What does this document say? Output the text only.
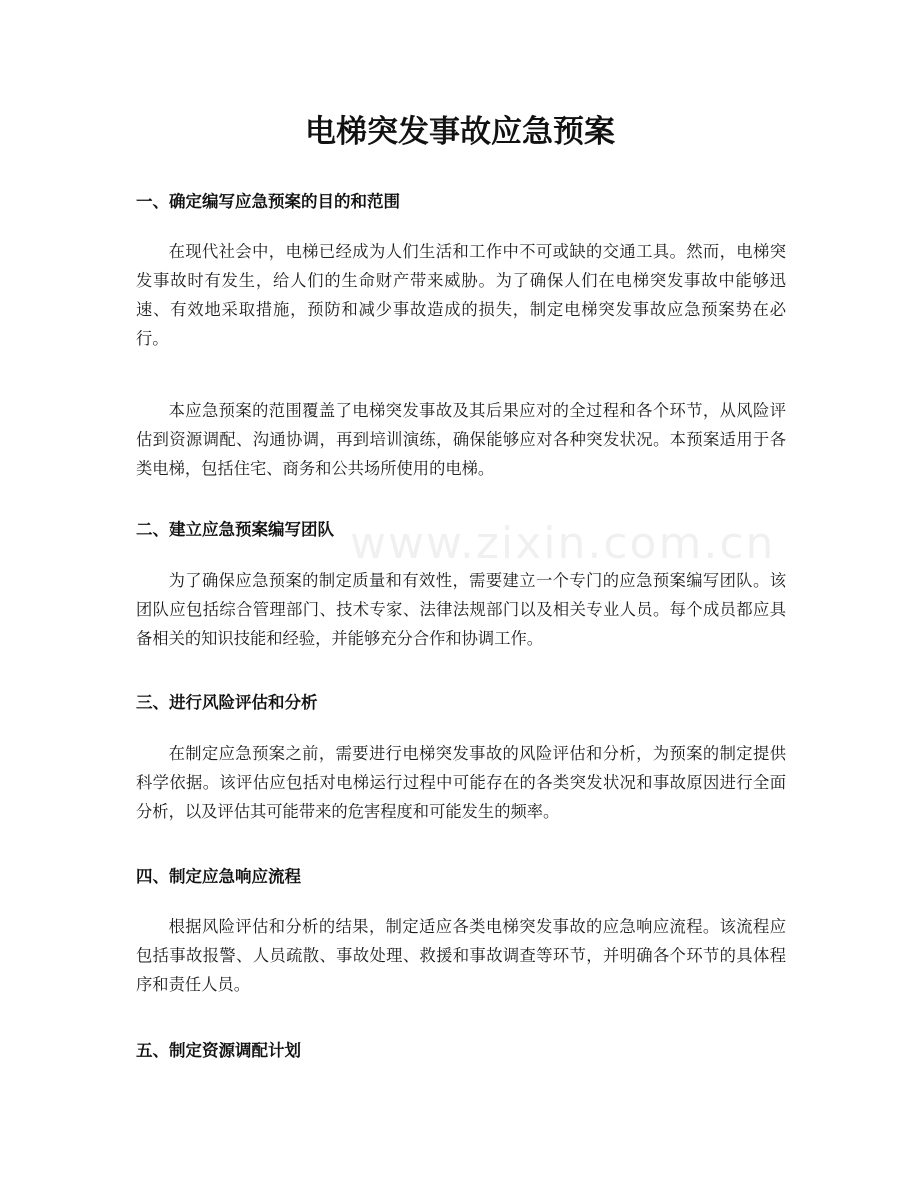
www.zixin.com.cn
电梯突发事故应急预案
一、确定编写应急预案的目的和范围

在现代社会中，电梯已经成为人们生活和工作中不可或缺的交通工具。然而，电梯突发事故时有发生，给人们的生命财产带来威胁。为了确保人们在电梯突发事故中能够迅速、有效地采取措施，预防和减少事故造成的损失，制定电梯突发事故应急预案势在必行。

本应急预案的范围覆盖了电梯突发事故及其后果应对的全过程和各个环节，从风险评估到资源调配、沟通协调，再到培训演练，确保能够应对各种突发状况。本预案适用于各类电梯，包括住宅、商务和公共场所使用的电梯。

二、建立应急预案编写团队

为了确保应急预案的制定质量和有效性，需要建立一个专门的应急预案编写团队。该团队应包括综合管理部门、技术专家、法律法规部门以及相关专业人员。每个成员都应具备相关的知识技能和经验，并能够充分合作和协调工作。

三、进行风险评估和分析

在制定应急预案之前，需要进行电梯突发事故的风险评估和分析，为预案的制定提供科学依据。该评估应包括对电梯运行过程中可能存在的各类突发状况和事故原因进行全面分析，以及评估其可能带来的危害程度和可能发生的频率。

四、制定应急响应流程

根据风险评估和分析的结果，制定适应各类电梯突发事故的应急响应流程。该流程应包括事故报警、人员疏散、事故处理、救援和事故调查等环节，并明确各个环节的具体程序和责任人员。

五、制定资源调配计划
